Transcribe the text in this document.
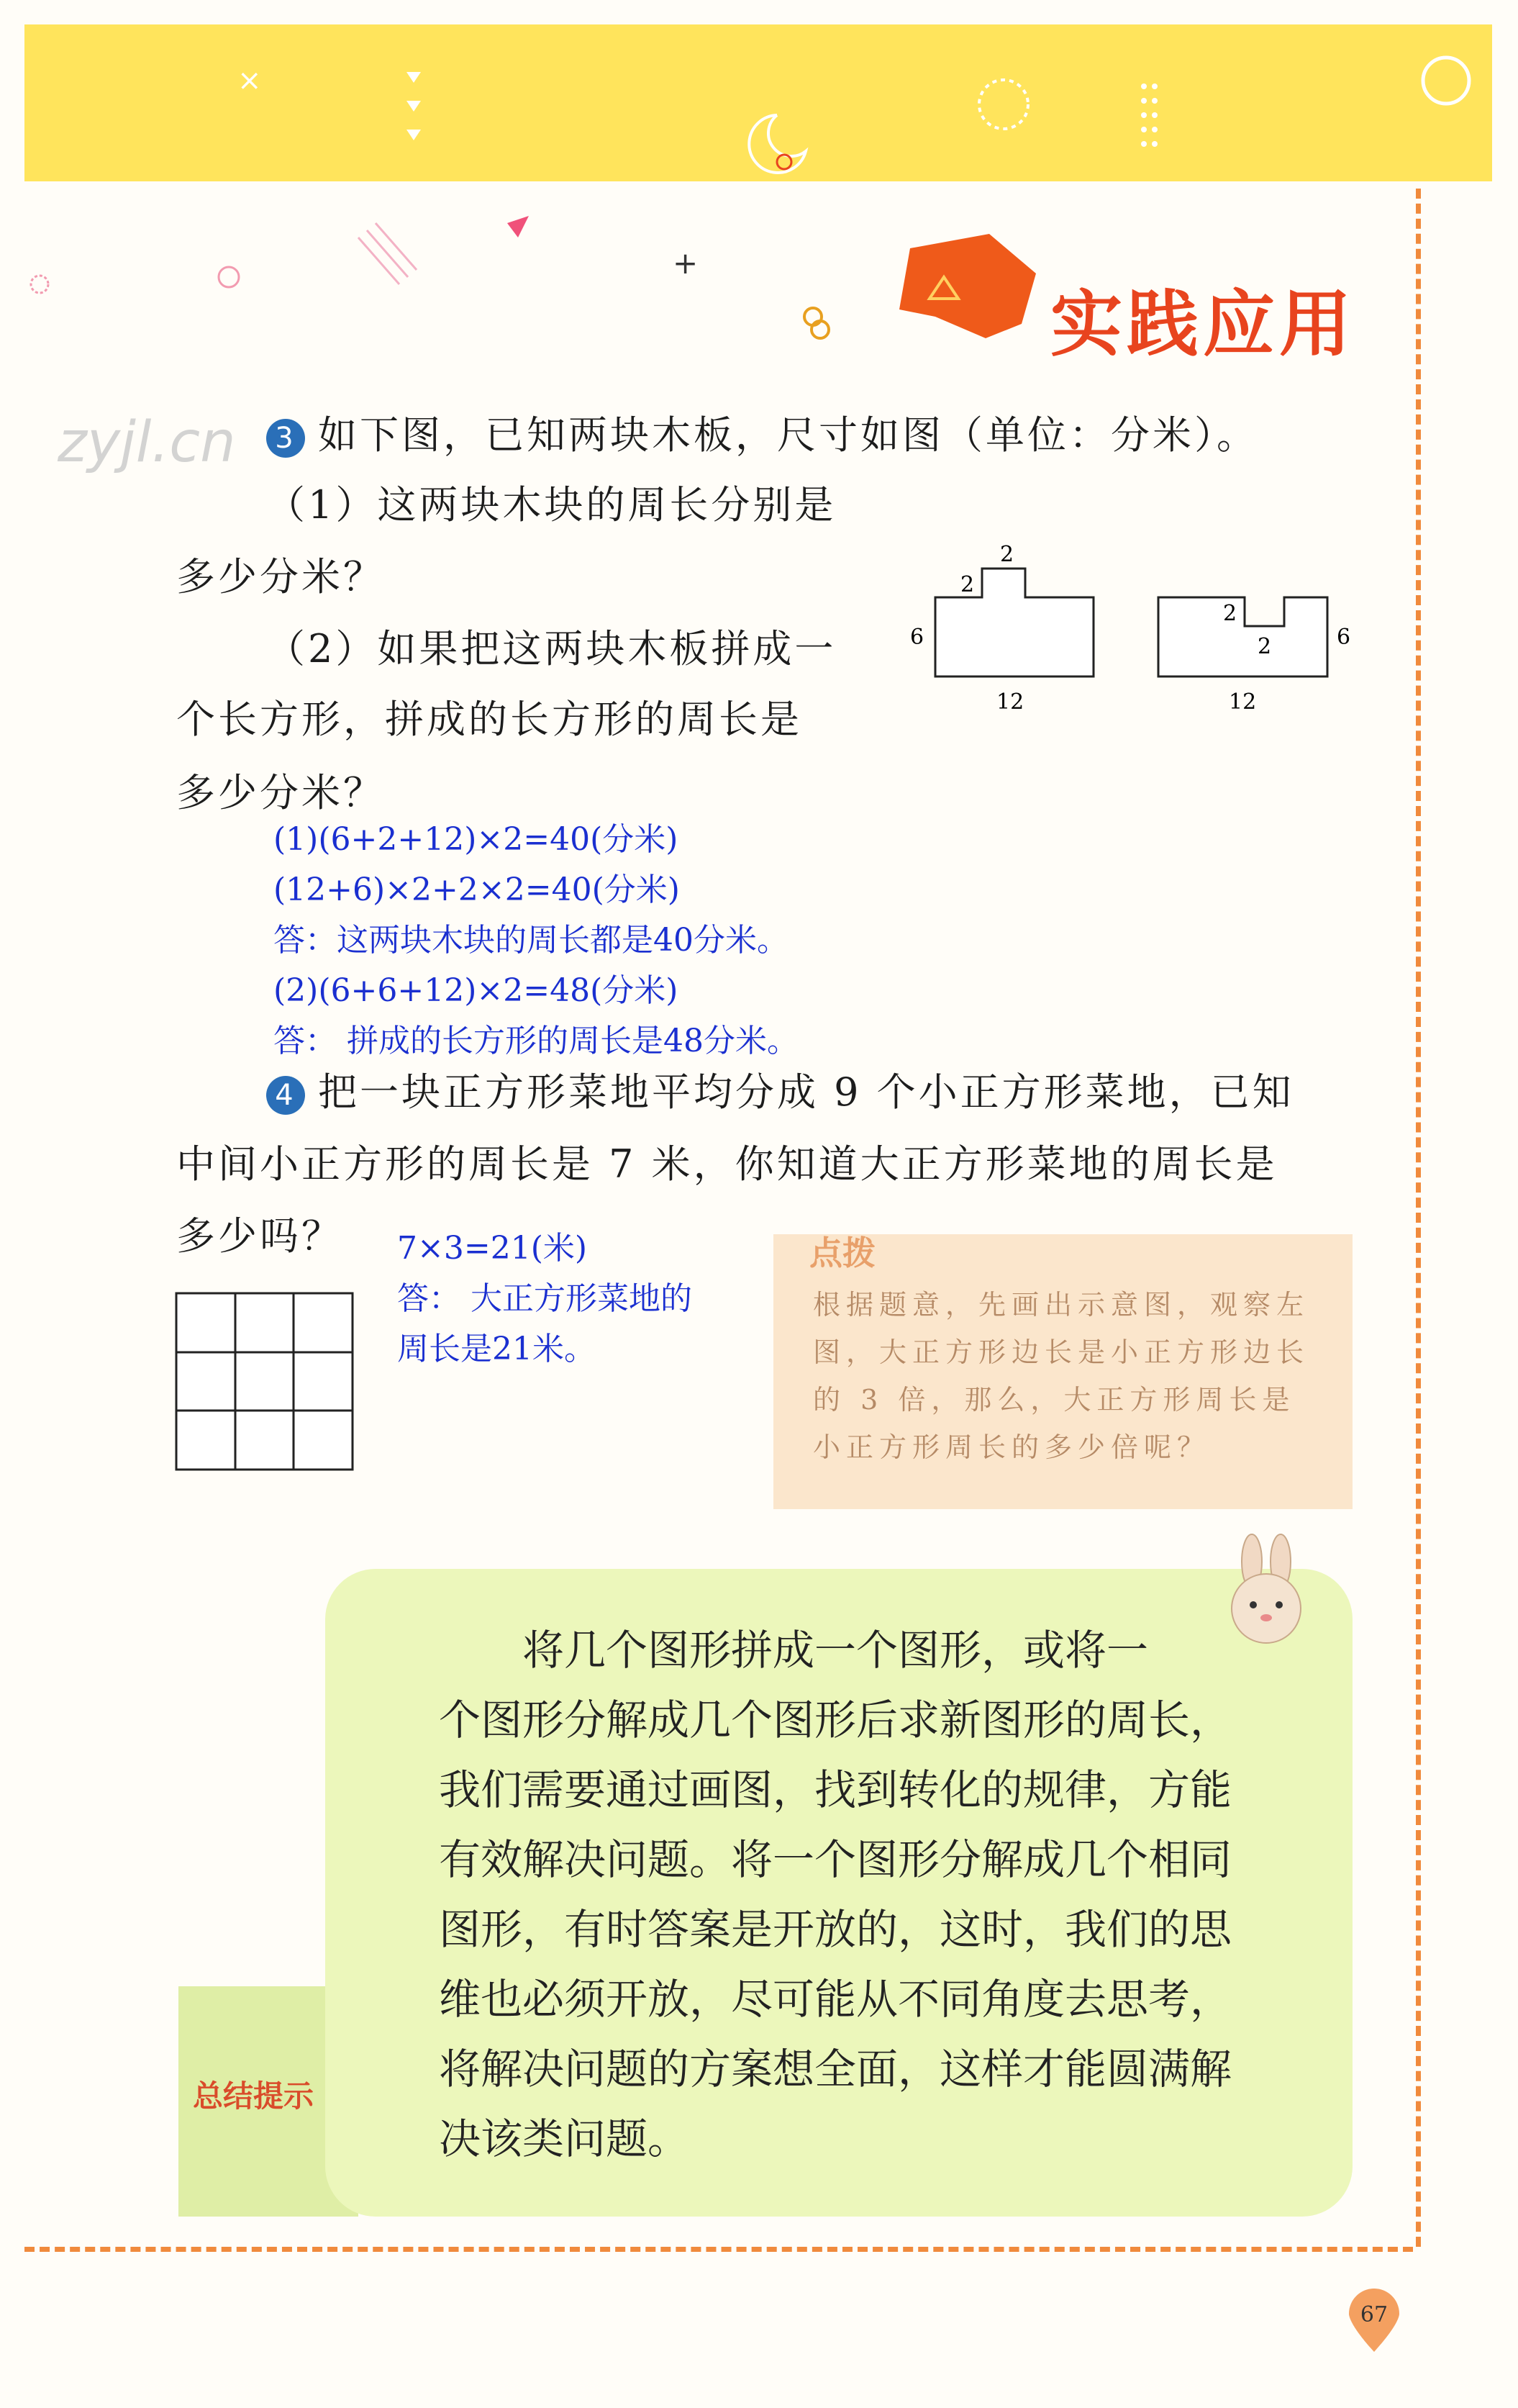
×
+
实践应用
zyjl.cn	3 如下图，已知两块木板，尺寸如图（单位：分米）。
（1）这两块木块的周长分别是
多少分米？
（2）如果把这两块木板拼成一
个长方形，拼成的长方形的周长是
多少分米？
2
2
6
12
2
2	6
12
(1)(6+2+12)×2=40(分米)
(12+6)×2+2×2=40(分米)
答：这两块木块的周长都是40分米。
(2)(6+6+12)×2=48(分米)
答： 拼成的长方形的周长是48分米。
4 把一块正方形菜地平均分成 9 个小正方形菜地，已知
中间小正方形的周长是 7 米，你知道大正方形菜地的周长是
多少吗？ 7×3=21(米)
答： 大正方形菜地的
周长是21米。
点拨
根据题意，先画出示意图，观察左图，大正方形边长是小正方形边长的 3 倍，那么，大正方形周长是小正方形周长的多少倍呢？
将几个图形拼成一个图形，或将一
个图形分解成几个图形后求新图形的周长，
我们需要通过画图，找到转化的规律，方能
有效解决问题。将一个图形分解成几个相同
图形，有时答案是开放的，这时，我们的思
维也必须开放，尽可能从不同角度去思考，
将解决问题的方案想全面，这样才能圆满解
决该类问题。
总结提示
67
